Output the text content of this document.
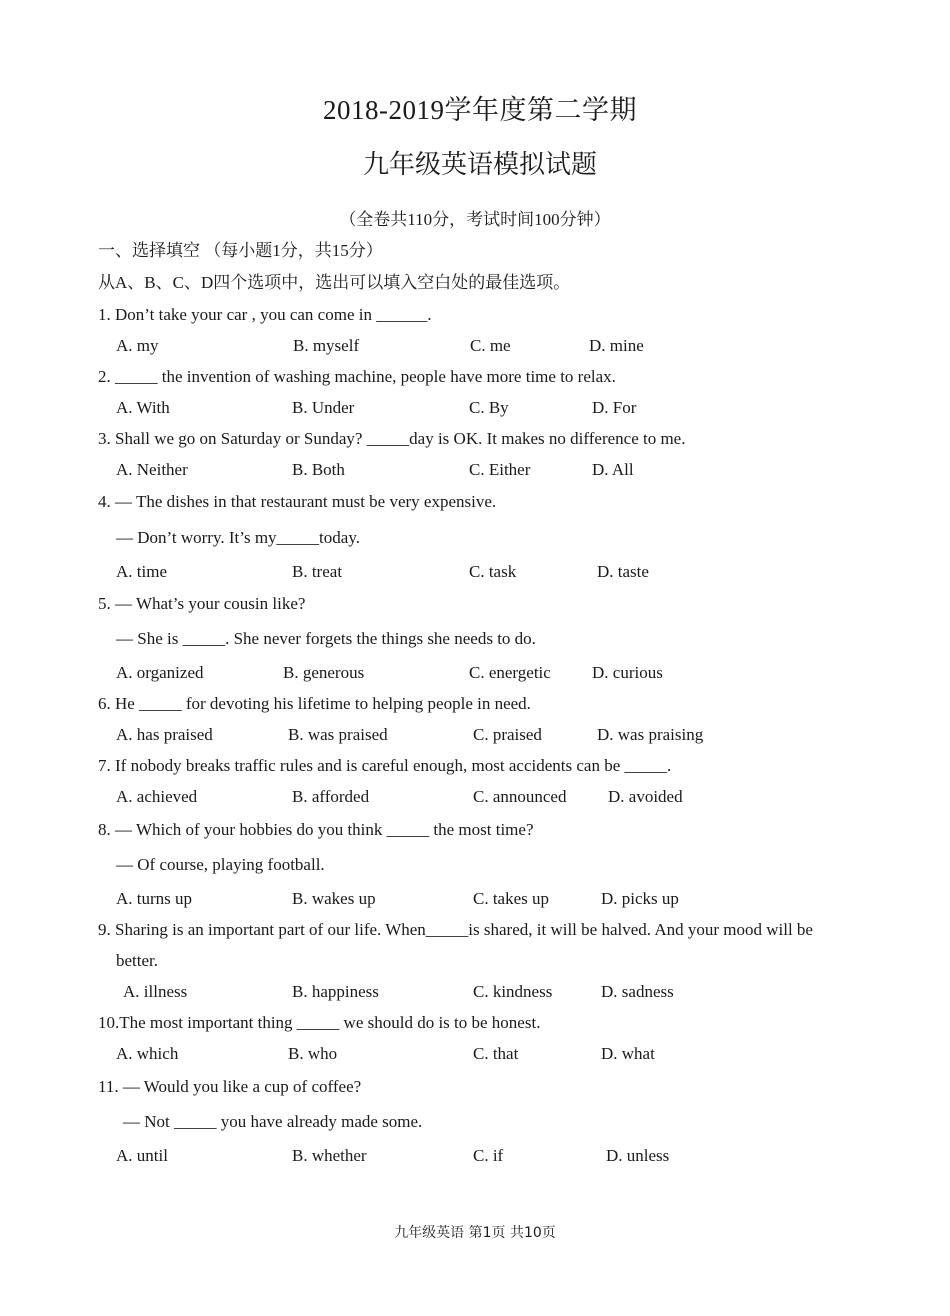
2018-2019学年度第二学期
九年级英语模拟试题
（全卷共110分，考试时间100分钟）
一、选择填空 （每小题1分，共15分）
从A、B、C、D四个选项中，选出可以填入空白处的最佳选项。
1. Don’t take your car , you can come in ______.
A. my	B. myself	C. me	D. mine
2. _____ the invention of washing machine, people have more time to relax.
A. With	B. Under	C. By	D. For
3. Shall we go on Saturday or Sunday? _____day is OK. It makes no difference to me.
A. Neither	B. Both	C. Either	D. All
4. — The dishes in that restaurant must be very expensive.
— Don’t worry. It’s my_____today.
A. time	B. treat	C. task	D. taste
5. — What’s your cousin like?
— She is _____. She never forgets the things she needs to do.
A. organized	B. generous	C. energetic D. curious
6. He _____ for devoting his lifetime to helping people in need.
A. has praised	B. was praised	C. praised	D. was praising
7. If nobody breaks traffic rules and is careful enough, most accidents can be _____.
A. achieved	B. afforded	C. announced D. avoided
8. — Which of your hobbies do you think _____ the most time?
— Of course, playing football.
A. turns up	B. wakes up	C. takes up	D. picks up
9. Sharing is an important part of our life. When_____is shared, it will be halved. And your mood will be
better.
A. illness	B. happiness	C. kindness	D. sadness
10.The most important thing _____ we should do is to be honest.
A. which	B. who	C. that	D. what
11. — Would you like a cup of coffee?
— Not _____ you have already made some.
A. until	B. whether	C. if	D. unless
九年级英语 第1页 共10页
